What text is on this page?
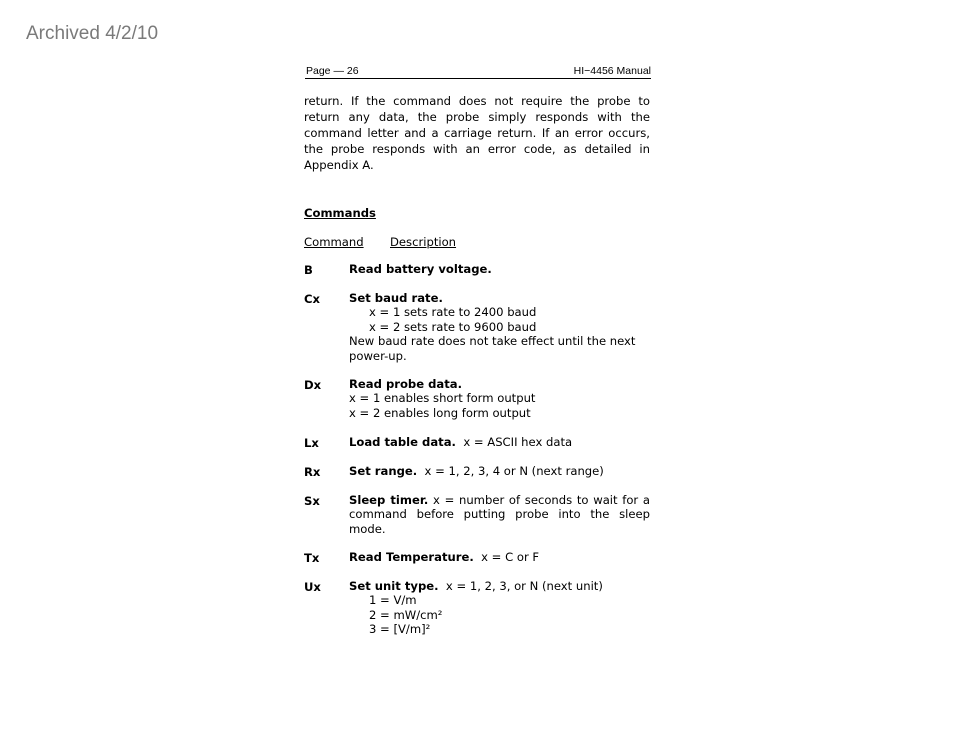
Archived 4/2/10
Page — 26	HI−4456 Manual

return. If the command does not require the probe to return any data, the probe simply responds with the command letter and a carriage return. If an error occurs, the probe responds with an error code, as detailed in Appendix A.

Commands
Command Description
B	Read battery voltage.
Cx	Set baud rate.
x = 1 sets rate to 2400 baud
x = 2 sets rate to 9600 baud
New baud rate does not take effect until the next power-up.
Dx Read probe data.
x = 1 enables short form output
x = 2 enables long form output
Lx	Load table data.  x = ASCII hex data
Rx Set range.  x = 1, 2, 3, 4 or N (next range)
Sx	Sleep timer. x = number of seconds to wait for a command before putting probe into the sleep mode.
Tx	Read Temperature.  x = C or F
Ux Set unit type.  x = 1, 2, 3, or N (next unit)
1 = V/m
2 = mW/cm²
3 = [V/m]²
